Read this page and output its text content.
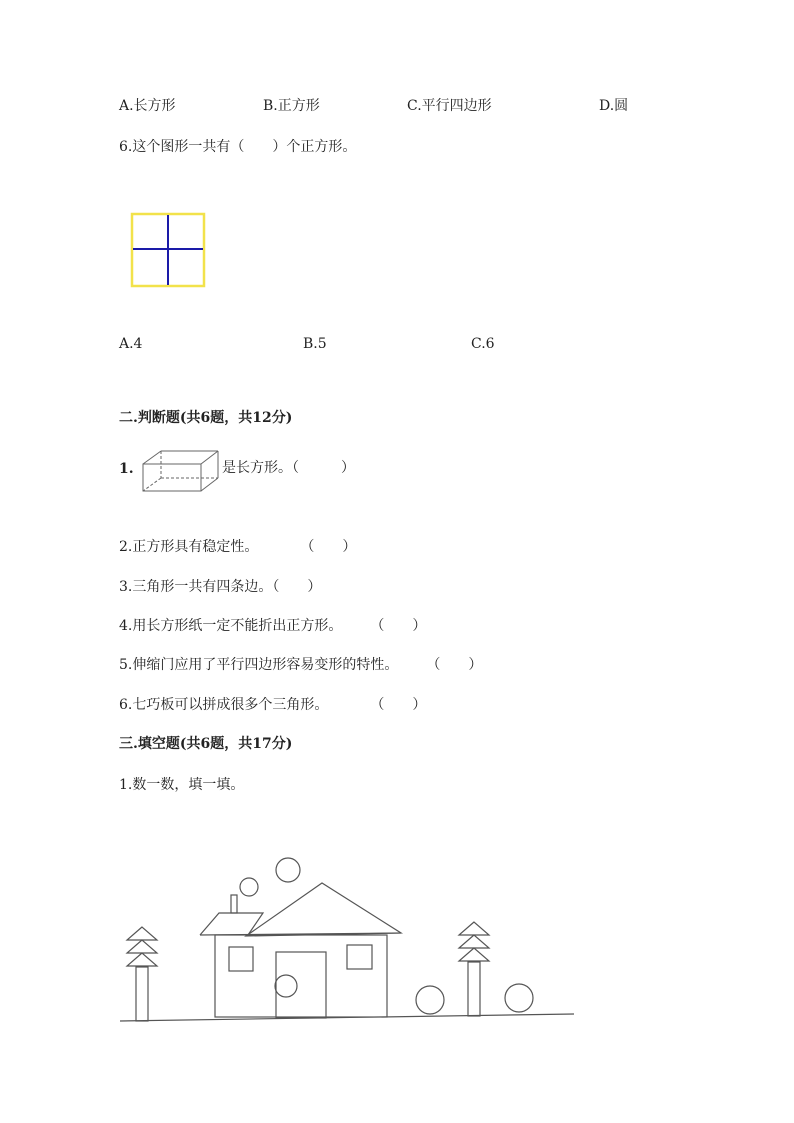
A.长方形	B.正方形	C.平行四边形	D.圆
6.这个图形一共有（　　）个正方形。
A.4	B.5	C.6
二.判断题(共6题，共12分)
1.	是长方形。（　　　）
2.正方形具有稳定性。　　　　（　　）
3.三角形一共有四条边。（　　）
4.用长方形纸一定不能折出正方形。　　　（　　）
5.伸缩门应用了平行四边形容易变形的特性。　　　（　　）
6.七巧板可以拼成很多个三角形。　　　　（　　）
三.填空题(共6题，共17分)
1.数一数，填一填。
